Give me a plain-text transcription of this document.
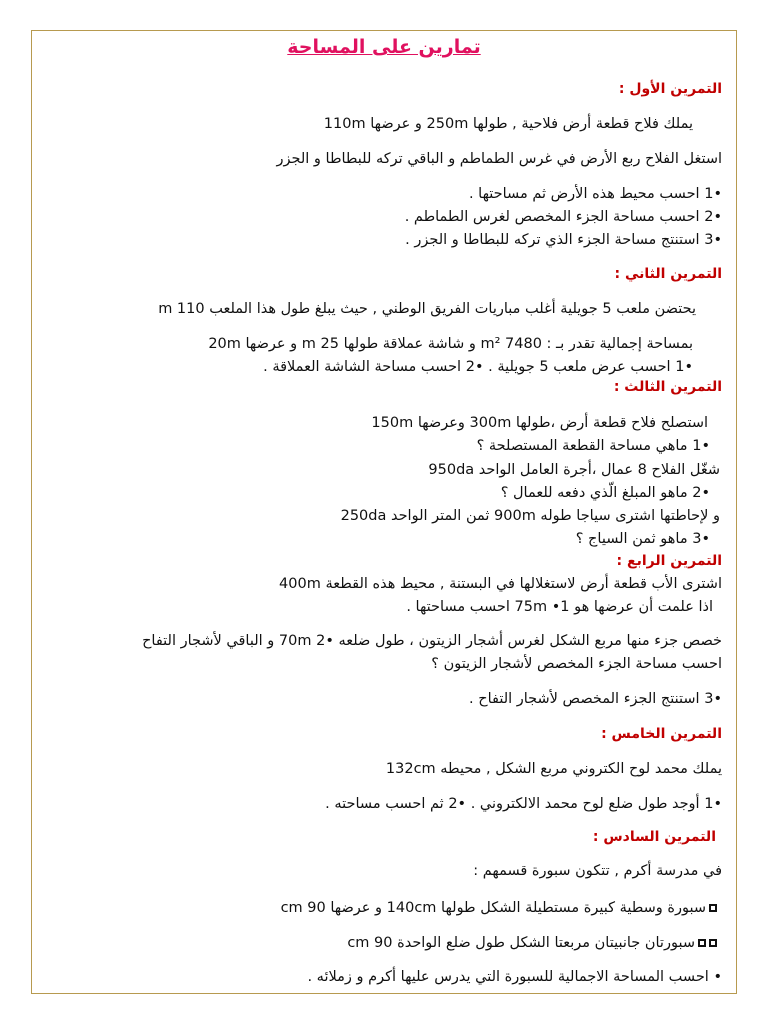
تمارين على المساحة
التمرين الأول :
يملك فلاح قطعة أرض فلاحية , طولها 250m و عرضها 110m
استغل الفلاح ربع الأرض في غرس الطماطم و الباقي تركه للبطاطا و الجزر
•1 احسب محيط هذه الأرض ثم مساحتها .
•2 احسب مساحة الجزء المخصص لغرس الطماطم .
•3 استنتج مساحة الجزء الذي تركه للبطاطا و الجزر .
التمرين الثاني :
يحتضن ملعب 5 جويلية أغلب مباريات الفريق الوطني , حيث يبلغ طول هذا الملعب 110 m
بمساحة إجمالية تقدر بـ : 7480 m² و شاشة عملاقة طولها m 25 و عرضها 20m
•1 احسب عرض ملعب 5 جويلية . •2 احسب مساحة الشاشة العملاقة .
التمرين الثالث :
استصلح فلاح قطعة أرض ،طولها 300m وعرضها 150m
•1 ماهي مساحة القطعة المستصلحة ؟
شغّل الفلاح 8 عمال ،أجرة العامل الواحد 950da
•2 ماهو المبلغ الّذي دفعه للعمال ؟
و لإحاطتها اشترى سياجا طوله 900m ثمن المتر الواحد 250da
•3 ماهو ثمن السياج ؟
التمرين الرابع :
اشترى الأب قطعة أرض لاستغلالها في البستنة , محيط هذه القطعة 400m
اذا علمت أن عرضها هو 75m •1 احسب مساحتها .
خصص جزء منها مربع الشكل لغرس أشجار الزيتون ، طول ضلعه •2 70m و الباقي لأشجار التفاح
احسب مساحة الجزء المخصص لأشجار الزيتون ؟
•3 استنتج الجزء المخصص لأشجار التفاح .
التمرين الخامس :
يملك محمد لوح الكتروني مربع الشكل , محيطه 132cm
•1 أوجد طول ضلع لوح محمد الالكتروني . •2 ثم احسب مساحته .
التمرين السادس :
في مدرسة أكرم , تتكون سبورة قسمهم :
سبورة وسطية كبيرة مستطيلة الشكل طولها 140cm و عرضها cm 90
سبورتان جانبيتان مربعتا الشكل طول ضلع الواحدة cm 90
• احسب المساحة الاجمالية للسبورة التي يدرس عليها أكرم و زملائه .
